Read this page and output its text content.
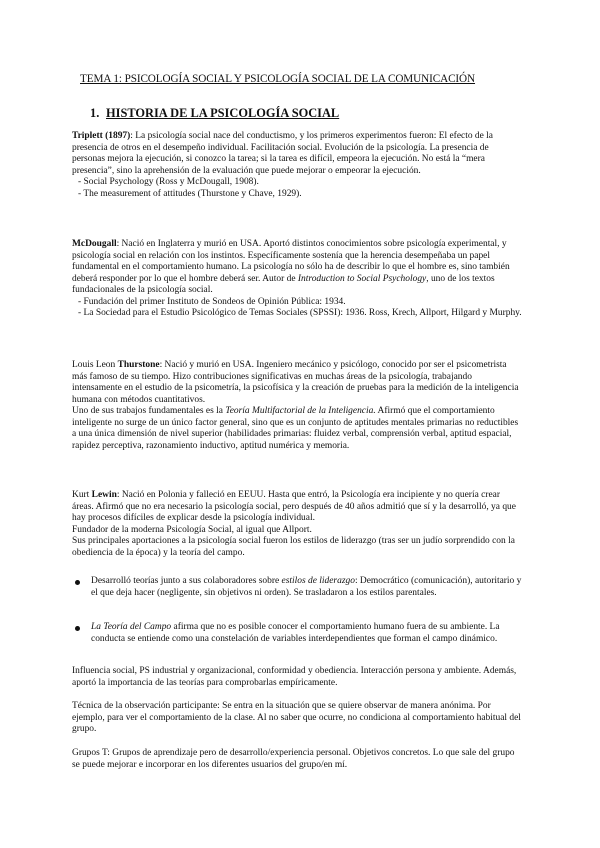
TEMA 1: PSICOLOGÍA SOCIAL Y PSICOLOGÍA SOCIAL DE LA COMUNICACIÓN
1. HISTORIA DE LA PSICOLOGÍA SOCIAL

Triplett (1897): La psicología social nace del conductismo, y los primeros experimentos fueron: El efecto de la presencia de otros en el desempeño individual. Facilitación social. Evolución de la psicología. La presencia de personas mejora la ejecución, si conozco la tarea; si la tarea es difícil, empeora la ejecución. No está la “mera presencia”, sino la aprehensión de la evaluación que puede mejorar o empeorar la ejecución.

- Social Psychology (Ross y McDougall, 1908).
- The measurement of attitudes (Thurstone y Chave, 1929).

McDougall: Nació en Inglaterra y murió en USA. Aportó distintos conocimientos sobre psicología experimental, y psicología social en relación con los instintos. Específicamente sostenía que la herencia desempeñaba un papel fundamental en el comportamiento humano. La psicología no sólo ha de describir lo que el hombre es, sino también deberá responder por lo que el hombre deberá ser. Autor de Introduction to Social Psychology, uno de los textos fundacionales de la psicología social.

- Fundación del primer Instituto de Sondeos de Opinión Pública: 1934.
- La Sociedad para el Estudio Psicológico de Temas Sociales (SPSSI): 1936. Ross, Krech, Allport, Hilgard y Murphy.

Louis Leon Thurstone: Nació y murió en USA. Ingeniero mecánico y psicólogo, conocido por ser el psicometrista más famoso de su tiempo. Hizo contribuciones significativas en muchas áreas de la psicología, trabajando intensamente en el estudio de la psicometría, la psicofísica y la creación de pruebas para la medición de la inteligencia humana con métodos cuantitativos.

Uno de sus trabajos fundamentales es la Teoría Multifactorial de la Inteligencia. Afirmó que el comportamiento inteligente no surge de un único factor general, sino que es un conjunto de aptitudes mentales primarias no reductibles a una única dimensión de nivel superior (habilidades primarias: fluidez verbal, comprensión verbal, aptitud espacial, rapidez perceptiva, razonamiento inductivo, aptitud numérica y memoria.

Kurt Lewin: Nació en Polonia y falleció en EEUU. Hasta que entró, la Psicología era incipiente y no quería crear áreas. Afirmó que no era necesario la psicología social, pero después de 40 años admitió que sí y la desarrolló, ya que hay procesos difíciles de explicar desde la psicología individual.

Fundador de la moderna Psicología Social, al igual que Allport.

Sus principales aportaciones a la psicología social fueron los estilos de liderazgo (tras ser un judío sorprendido con la obediencia de la época) y la teoría del campo.

Desarrolló teorías junto a sus colaboradores sobre estilos de liderazgo: Democrático (comunicación), autoritario y el que deja hacer (negligente, sin objetivos ni orden). Se trasladaron a los estilos parentales.
La Teoría del Campo afirma que no es posible conocer el comportamiento humano fuera de su ambiente. La conducta se entiende como una constelación de variables interdependientes que forman el campo dinámico.
Influencia social, PS industrial y organizacional, conformidad y obediencia. Interacción persona y ambiente. Además, aportó la importancia de las teorías para comprobarlas empíricamente.
Técnica de la observación participante: Se entra en la situación que se quiere observar de manera anónima. Por ejemplo, para ver el comportamiento de la clase. Al no saber que ocurre, no condiciona al comportamiento habitual del grupo.
Grupos T: Grupos de aprendizaje pero de desarrollo/experiencia personal. Objetivos concretos. Lo que sale del grupo se puede mejorar e incorporar en los diferentes usuarios del grupo/en mí.
